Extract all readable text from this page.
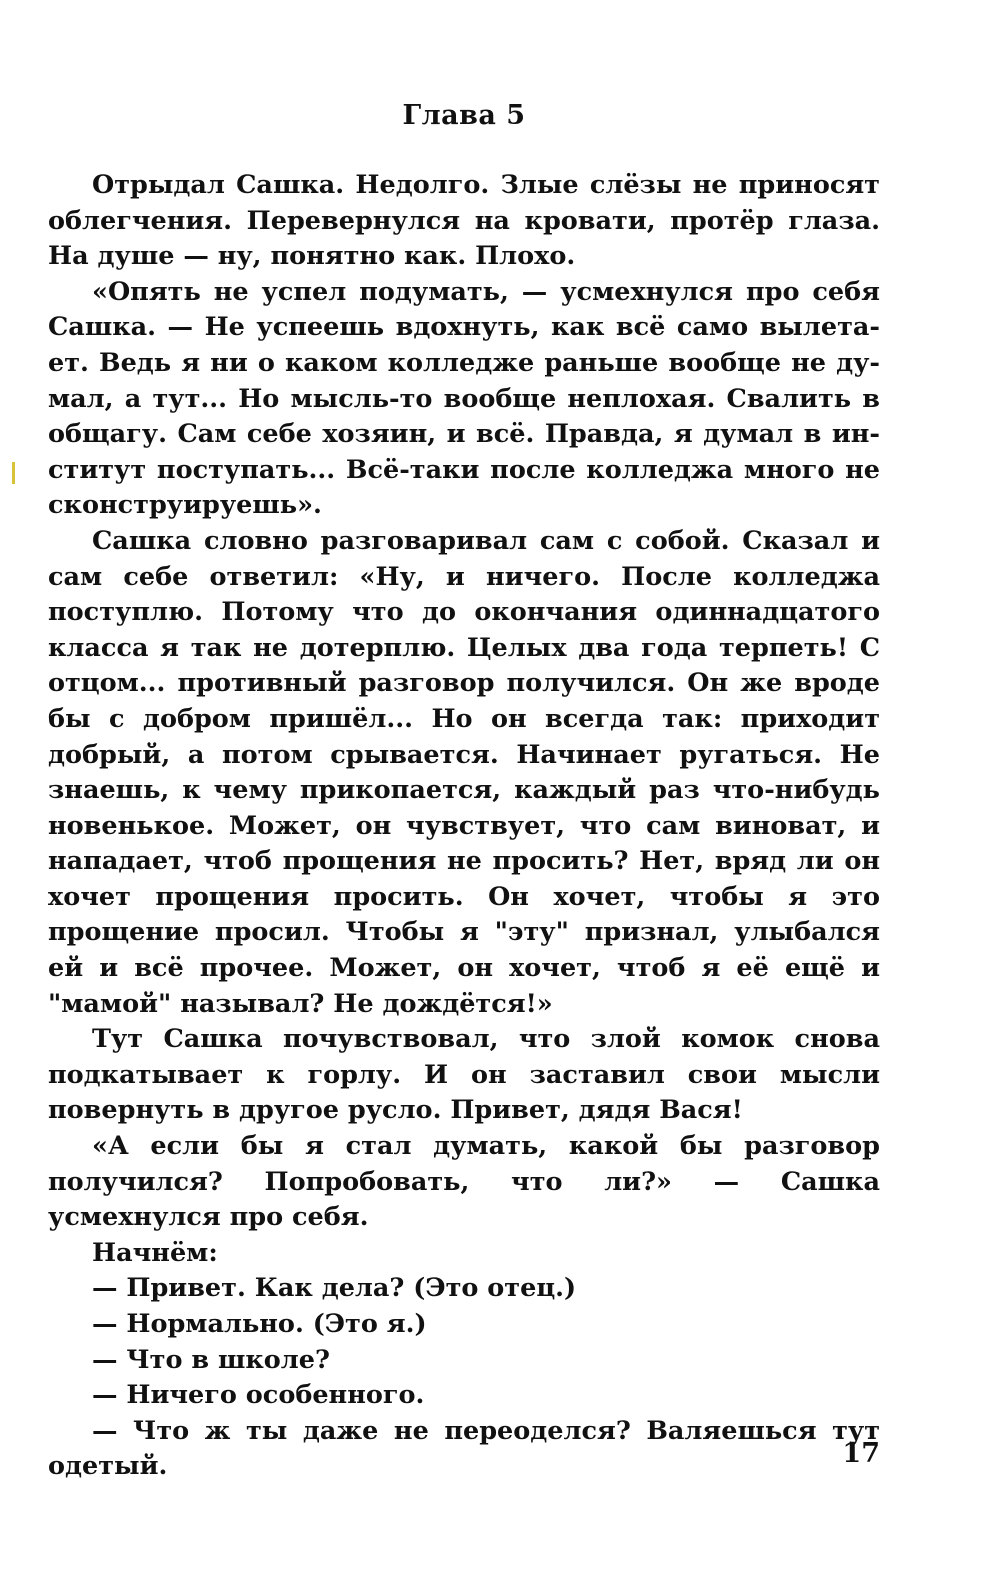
Глава 5

Отрыдал Сашка. Недолго. Злые слёзы не приносят облегчения. Перевернулся на кровати, протёр глаза. На душе — ну, понятно как. Плохо.

«Опять не успел подумать, — усмехнулся про себя Сашка. — Не успеешь вдохнуть, как всё само вылетает. Ведь я ни о каком колледже раньше вообще не думал, а тут... Но мысль-то вообще неплохая. Свалить в общагу. Сам себе хозяин, и всё. Правда, я думал в институт поступать... Всё-таки после колледжа много не сконструируешь».

Сашка словно разговаривал сам с собой. Сказал и сам себе ответил: «Ну, и ничего. После колледжа поступлю. Потому что до окончания одиннадцатого класса я так не дотерплю. Целых два года терпеть! С отцом... противный разговор получился. Он же вроде бы с добром пришёл... Но он всегда так: приходит добрый, а потом срывается. Начинает ругаться. Не знаешь, к чему прикопается, каждый раз что-нибудь новенькое. Может, он чувствует, что сам виноват, и нападает, чтоб прощения не просить? Нет, вряд ли он хочет прощения просить. Он хочет, чтобы я это прощение просил. Чтобы я "эту" признал, улыбался ей и всё прочее. Может, он хочет, чтоб я её ещё и "мамой" называл? Не дождётся!»

Тут Сашка почувствовал, что злой комок снова подкатывает к горлу. И он заставил свои мысли повернуть в другое русло. Привет, дядя Вася!

«А если бы я стал думать, какой бы разговор получился? Попробовать, что ли?» — Сашка усмехнулся про себя.

Начнём:

— Привет. Как дела? (Это отец.)

— Нормально. (Это я.)

— Что в школе?

— Ничего особенного.

— Что ж ты даже не переоделся? Валяешься тут одетый.	17
